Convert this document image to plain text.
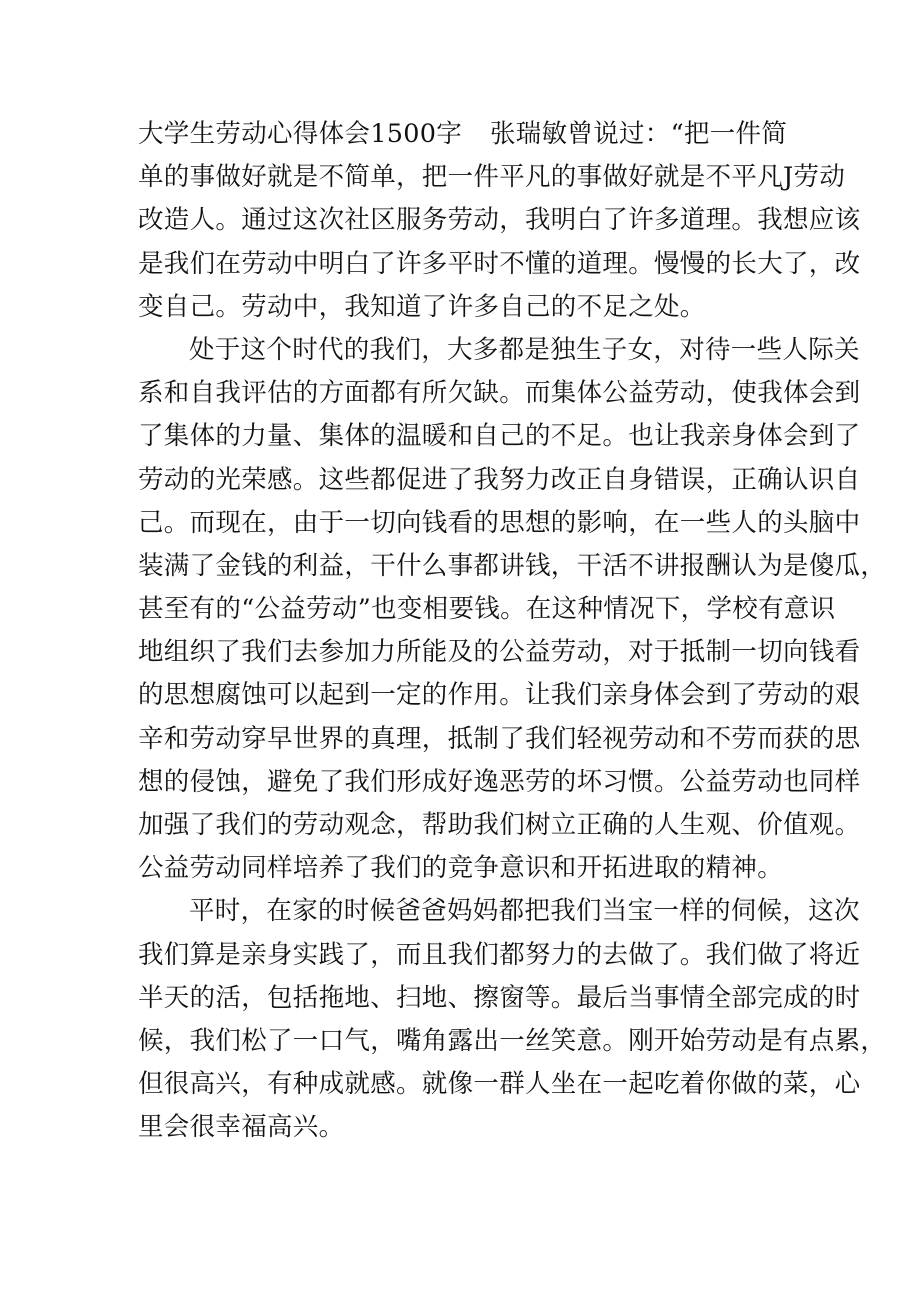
大学生劳动心得体会1500字 张瑞敏曾说过：“把一件简
单的事做好就是不简单，把一件平凡的事做好就是不平凡J劳动
改造人。通过这次社区服务劳动，我明白了许多道理。我想应该
是我们在劳动中明白了许多平时不懂的道理。慢慢的长大了，改
变自己。劳动中，我知道了许多自己的不足之处。
处于这个时代的我们，大多都是独生子女，对待一些人际关
系和自我评估的方面都有所欠缺。而集体公益劳动，使我体会到
了集体的力量、集体的温暖和自己的不足。也让我亲身体会到了
劳动的光荣感。这些都促进了我努力改正自身错误，正确认识自
己。而现在，由于一切向钱看的思想的影响，在一些人的头脑中
装满了金钱的利益，干什么事都讲钱，干活不讲报酬认为是傻瓜，
甚至有的“公益劳动”也变相要钱。在这种情况下，学校有意识
地组织了我们去参加力所能及的公益劳动，对于抵制一切向钱看
的思想腐蚀可以起到一定的作用。让我们亲身体会到了劳动的艰
辛和劳动穿早世界的真理，抵制了我们轻视劳动和不劳而获的思
想的侵蚀，避免了我们形成好逸恶劳的坏习惯。公益劳动也同样
加强了我们的劳动观念，帮助我们树立正确的人生观、价值观。
公益劳动同样培养了我们的竞争意识和开拓进取的精神。
平时，在家的时候爸爸妈妈都把我们当宝一样的伺候，这次
我们算是亲身实践了，而且我们都努力的去做了。我们做了将近
半天的活，包括拖地、扫地、擦窗等。最后当事情全部完成的时
候，我们松了一口气，嘴角露出一丝笑意。刚开始劳动是有点累，
但很高兴，有种成就感。就像一群人坐在一起吃着你做的菜，心
里会很幸福高兴。
